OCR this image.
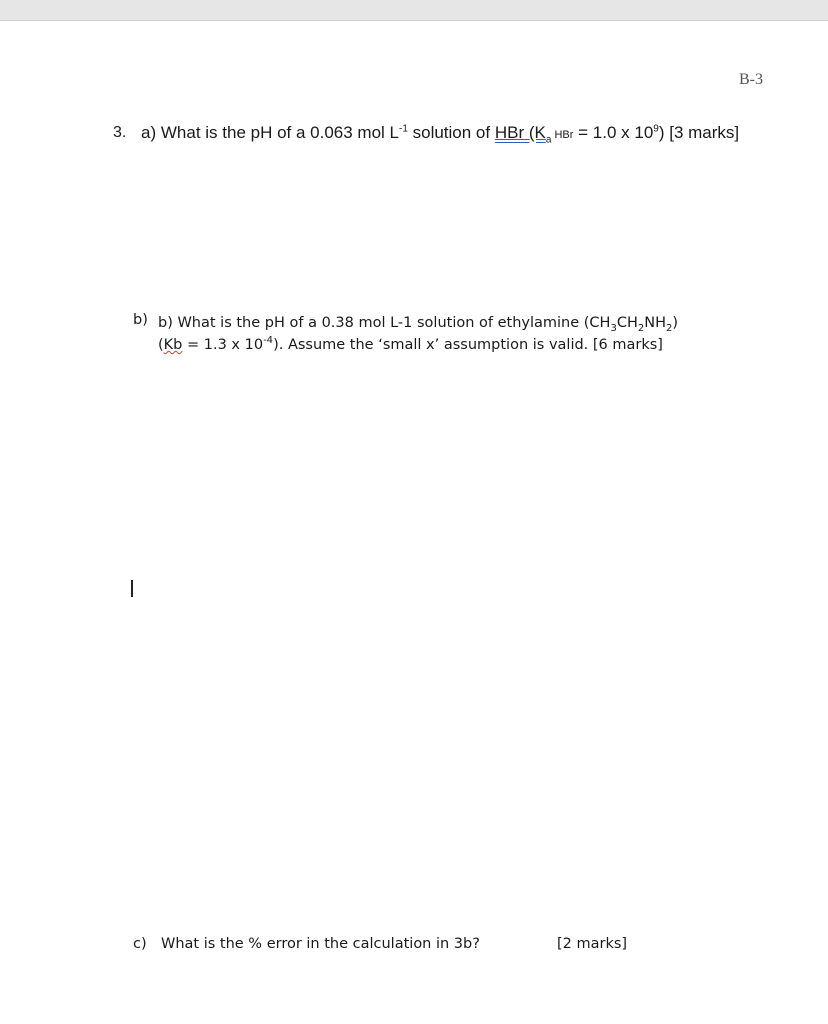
B-3
3. a) What is the pH of a 0.063 mol $L^{-1}$ solution of HBr ($K_a$ HBr = 1.0 x $10^9$) [3 marks]
b) b) What is the pH of a 0.38 mol L-1 solution of ethylamine $(CH_3CH_2NH_2)$
(Kb = 1.3 x $10^{-4}$). Assume the ‘small x’ assumption is valid. [6 marks]
c) What is the % error in the calculation in 3b?	[2 marks]
